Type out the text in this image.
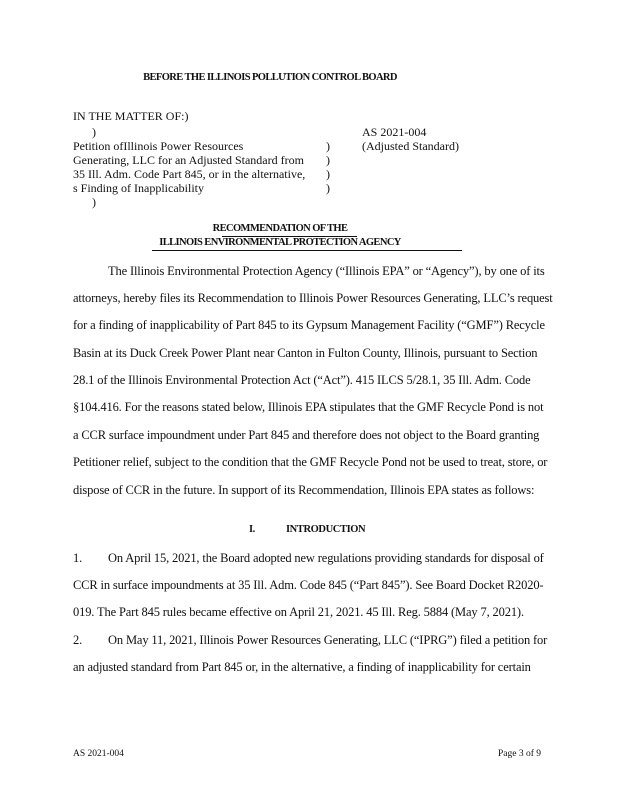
BEFORE THE ILLINOIS POLLUTION CONTROL BOARD
IN THE MATTER OF:)
)
Petition ofIllinois Power Resources
Generating, LLC for an Adjusted Standard from
35 Ill. Adm. Code Part 845, or in the alternative,
s Finding of Inapplicability
)
)
)
)
)
AS 2021-004
(Adjusted Standard)
RECOMMENDATION OF THE
ILLINOIS ENVIRONMENTAL PROTECTION AGENCY
The Illinois Environmental Protection Agency (“Illinois EPA” or “Agency”), by one of its
attorneys, hereby files its Recommendation to Illinois Power Resources Generating, LLC’s request
for a finding of inapplicability of Part 845 to its Gypsum Management Facility (“GMF”) Recycle
Basin at its Duck Creek Power Plant near Canton in Fulton County, Illinois, pursuant to Section
28.1 of the Illinois Environmental Protection Act (“Act”). 415 ILCS 5/28.1, 35 Ill. Adm. Code
§104.416. For the reasons stated below, Illinois EPA stipulates that the GMF Recycle Pond is not
a CCR surface impoundment under Part 845 and therefore does not object to the Board granting
Petitioner relief, subject to the condition that the GMF Recycle Pond not be used to treat, store, or
dispose of CCR in the future. In support of its Recommendation, Illinois EPA states as follows:
I.	INTRODUCTION
1. On April 15, 2021, the Board adopted new regulations providing standards for disposal of
CCR in surface impoundments at 35 Ill. Adm. Code 845 (“Part 845”). See Board Docket R2020-
019. The Part 845 rules became effective on April 21, 2021. 45 Ill. Reg. 5884 (May 7, 2021).
2. On May 11, 2021, Illinois Power Resources Generating, LLC (“IPRG”) filed a petition for
an adjusted standard from Part 845 or, in the alternative, a finding of inapplicability for certain
AS 2021-004	Page 3 of 9
